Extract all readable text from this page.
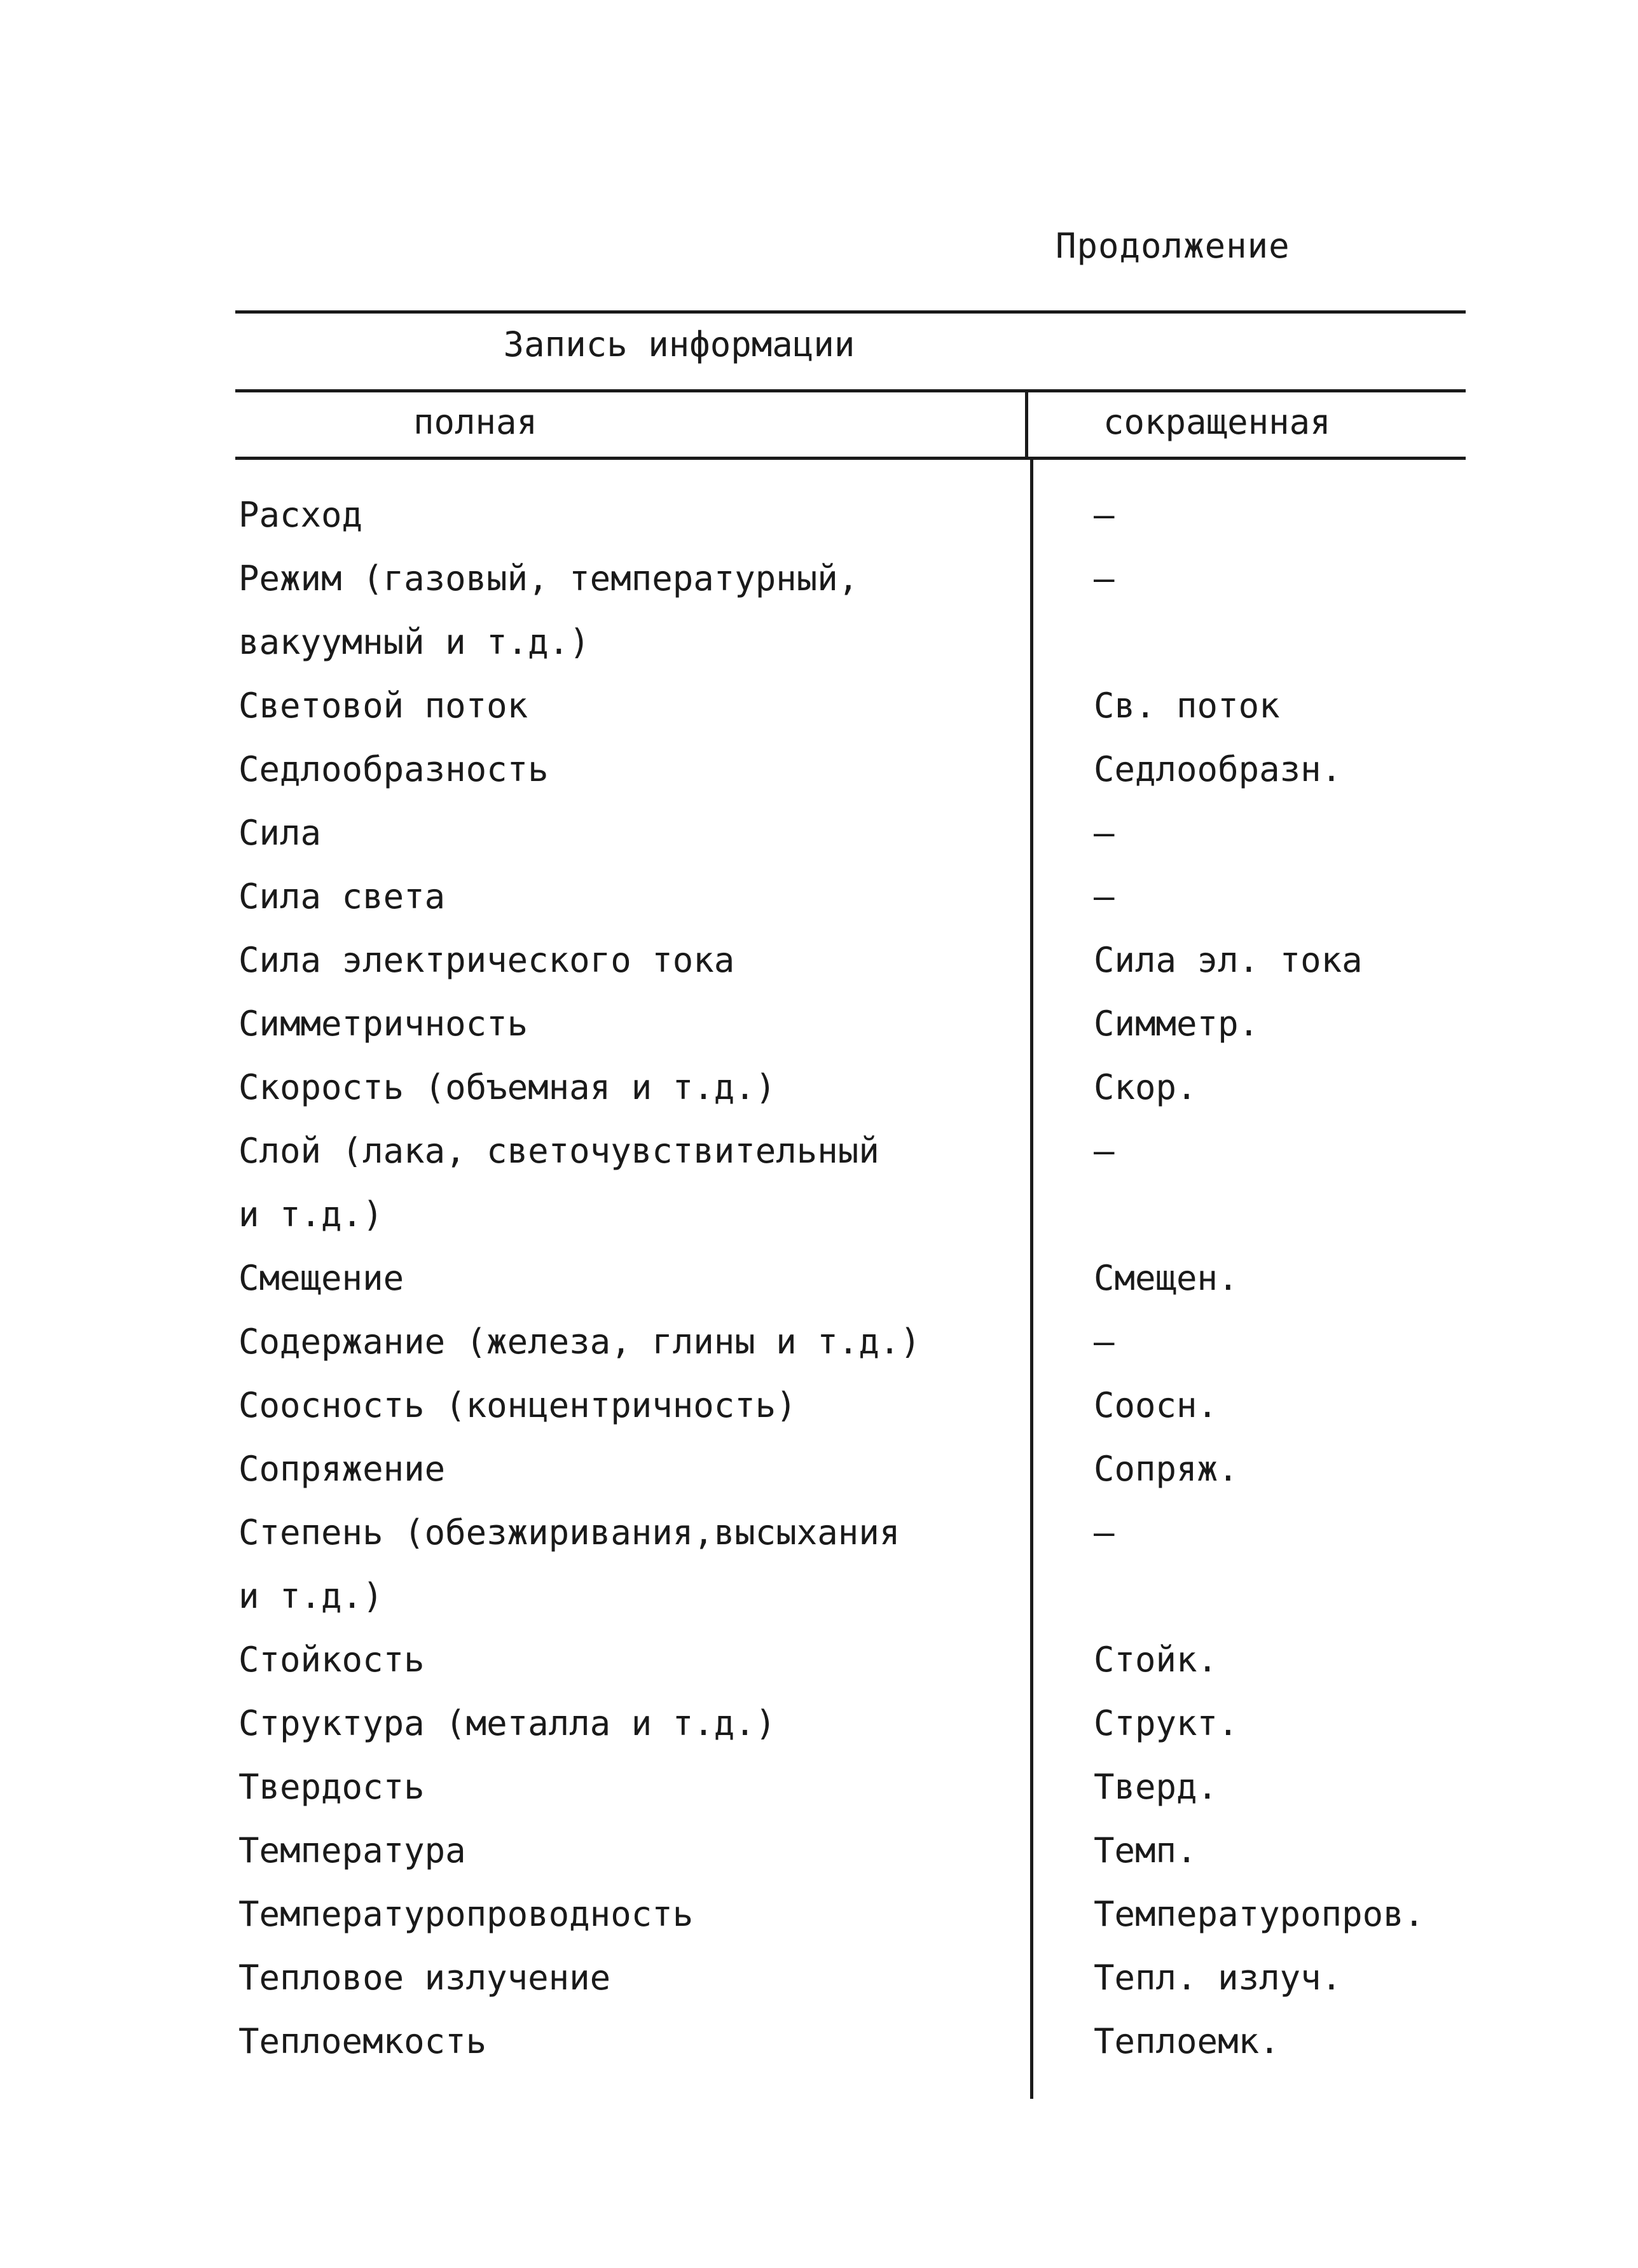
Продолжение
Запись информации
полная	сокращенная
Расход	–
Режим (газовый, температурный,	–
вакуумный и т.д.)
Световой поток	Св. поток
Седлообразность	Седлообразн.
Сила	–
Сила света	–
Сила электрического тока	Сила эл. тока
Симметричность	Симметр.
Скорость (объемная и т.д.)	Скор.
Слой (лака, светочувствительный	–
и т.д.)
Смещение	Смещен.
Содержание (железа, глины и т.д.)	–
Соосность (концентричность)	Соосн.
Сопряжение	Сопряж.
Степень (обезжиривания,высыхания	–
и т.д.)
Стойкость	Стойк.
Структура (металла и т.д.)	Структ.
Твердость	Тверд.
Температура	Темп.
Температуропроводность	Температуропров.
Тепловое излучение	Тепл. излуч.
Теплоемкость	Теплоемк.
